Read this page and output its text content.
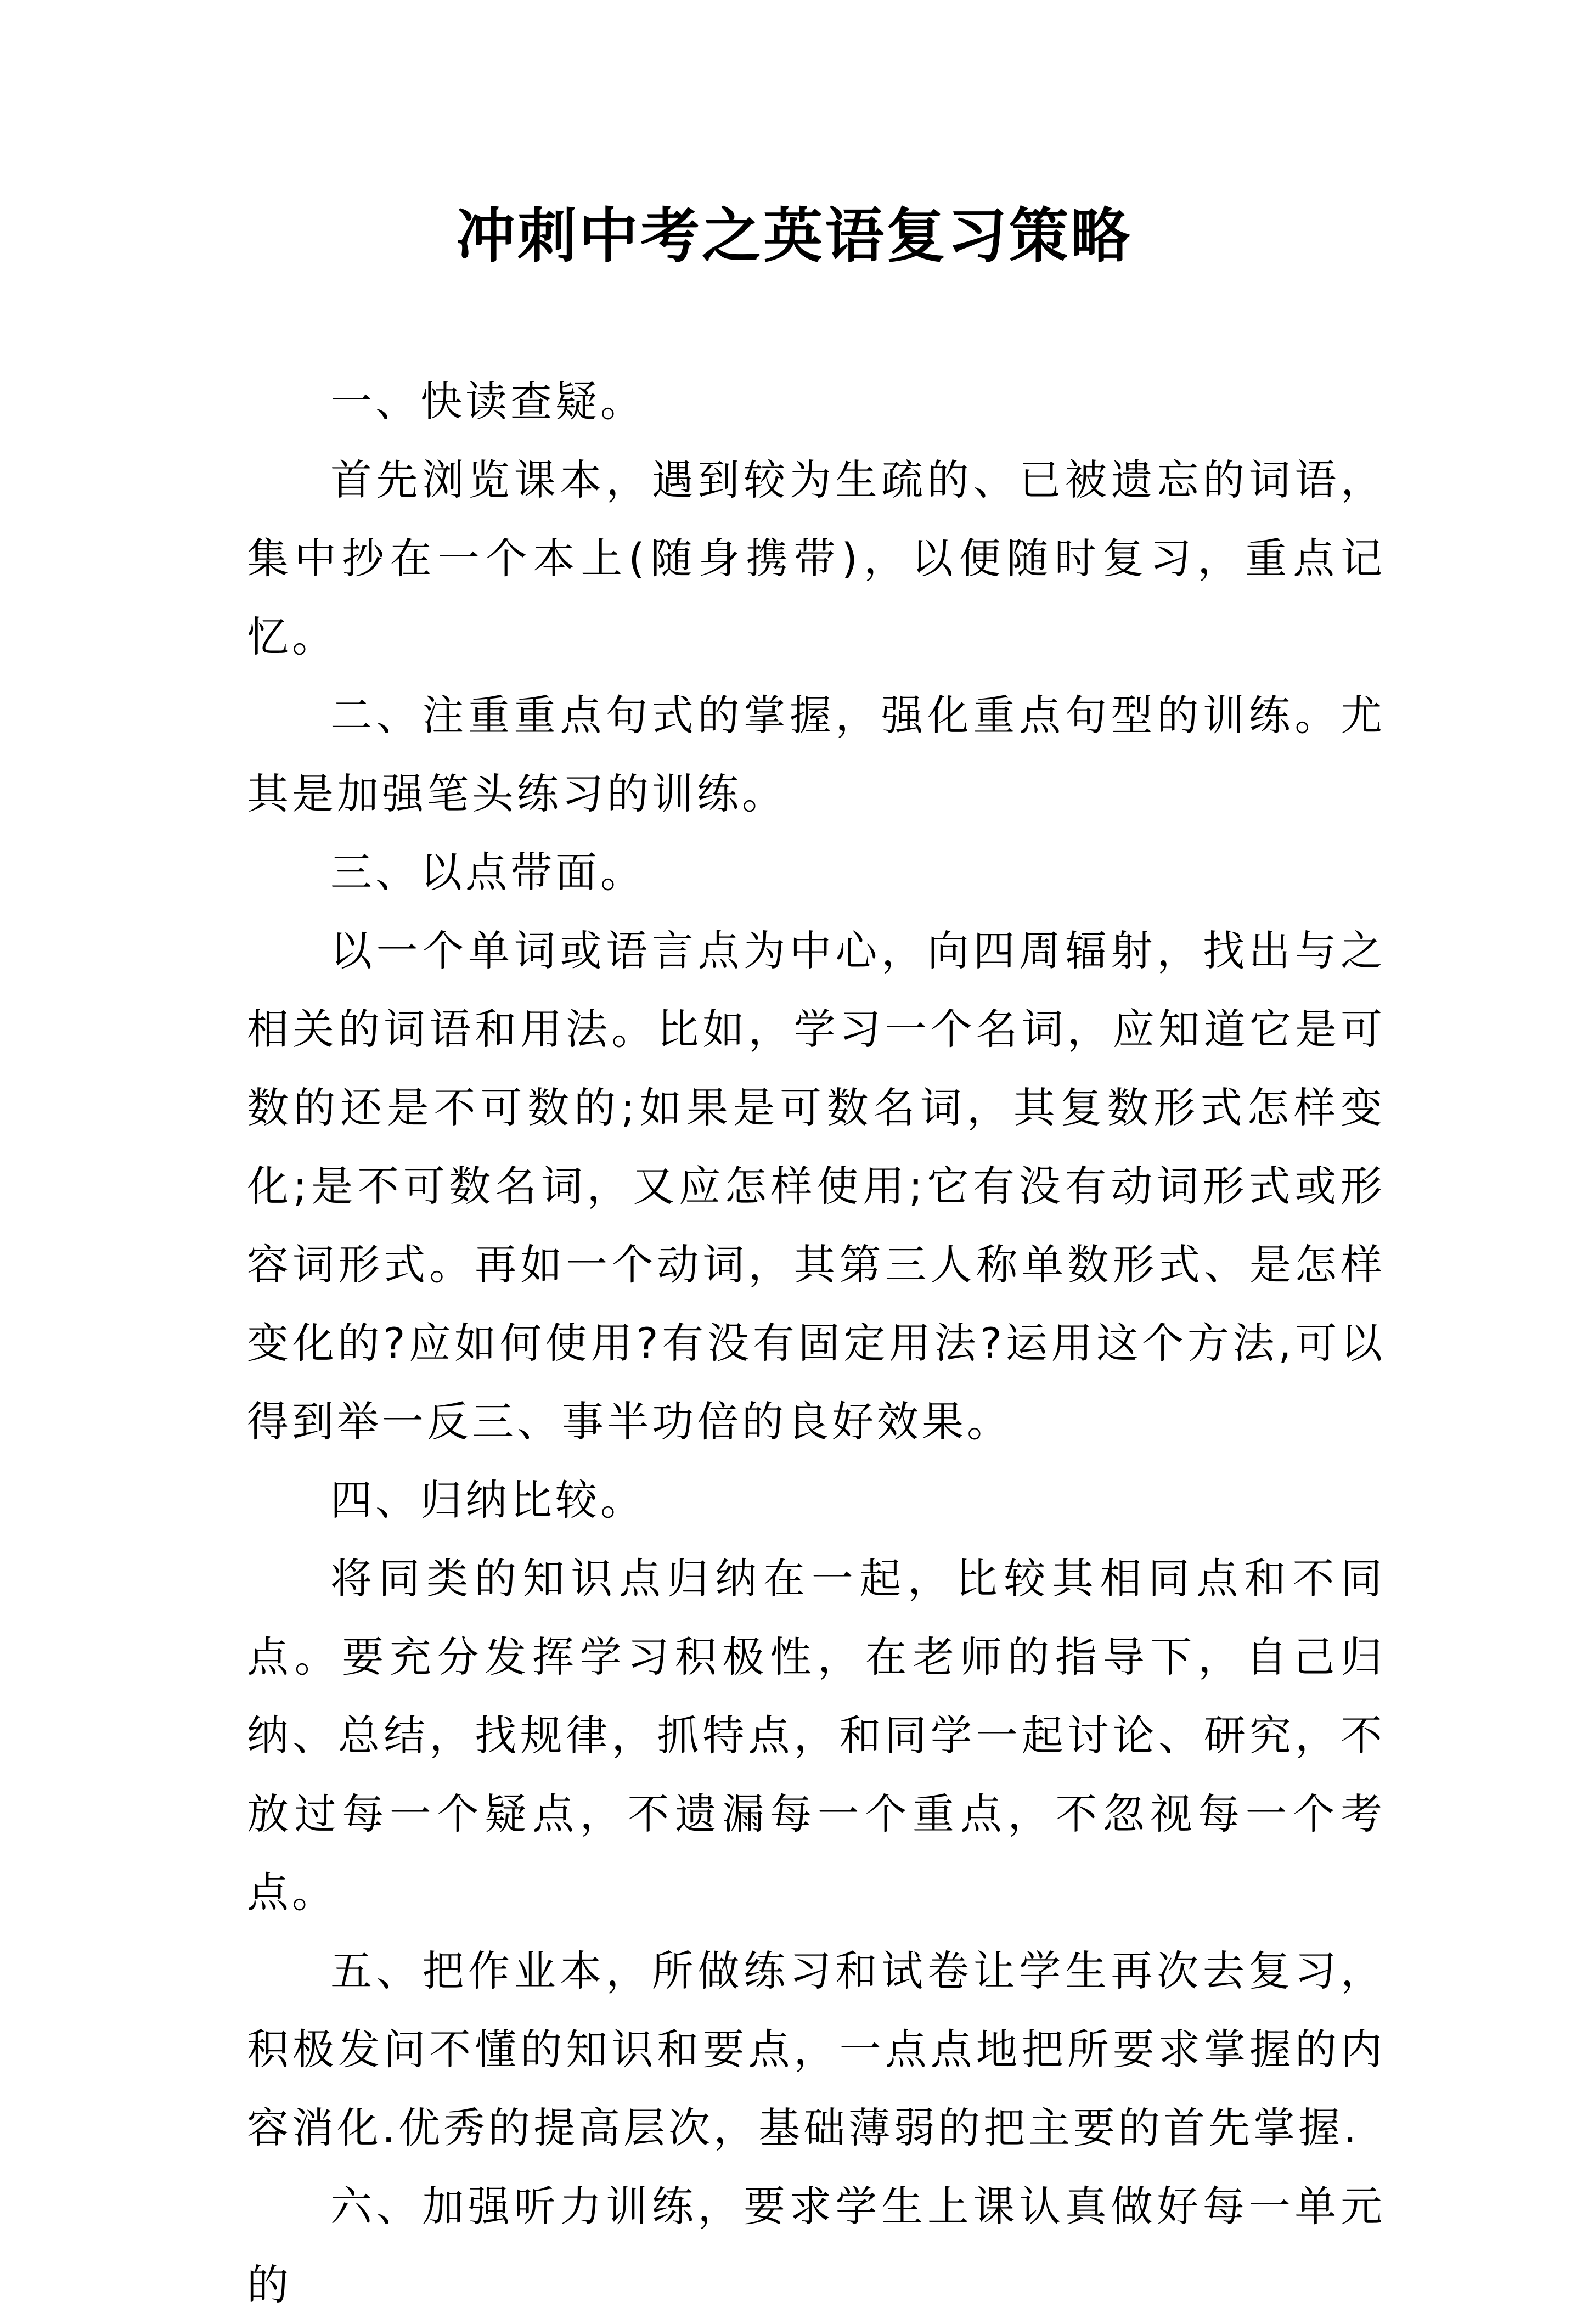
冲刺中考之英语复习策略

一、快读查疑。

首先浏览课本，遇到较为生疏的、已被遗忘的词语，集中抄在一个本上(随身携带)，以便随时复习，重点记忆。

二、注重重点句式的掌握，强化重点句型的训练。尤其是加强笔头练习的训练。

三、以点带面。

以一个单词或语言点为中心，向四周辐射，找出与之相关的词语和用法。比如，学习一个名词，应知道它是可数的还是不可数的;如果是可数名词，其复数形式怎样变化;是不可数名词，又应怎样使用;它有没有动词形式或形容词形式。再如一个动词，其第三人称单数形式、是怎样变化的?应如何使用?有没有固定用法?运用这个方法,可以得到举一反三、事半功倍的良好效果。

四、归纳比较。

将同类的知识点归纳在一起，比较其相同点和不同点。要充分发挥学习积极性，在老师的指导下，自己归纳、总结，找规律，抓特点，和同学一起讨论、研究，不放过每一个疑点，不遗漏每一个重点，不忽视每一个考点。

五、把作业本，所做练习和试卷让学生再次去复习，积极发问不懂的知识和要点，一点点地把所要求掌握的内容消化.优秀的提高层次，基础薄弱的把主要的首先掌握.

六、加强听力训练，要求学生上课认真做好每一单元的
